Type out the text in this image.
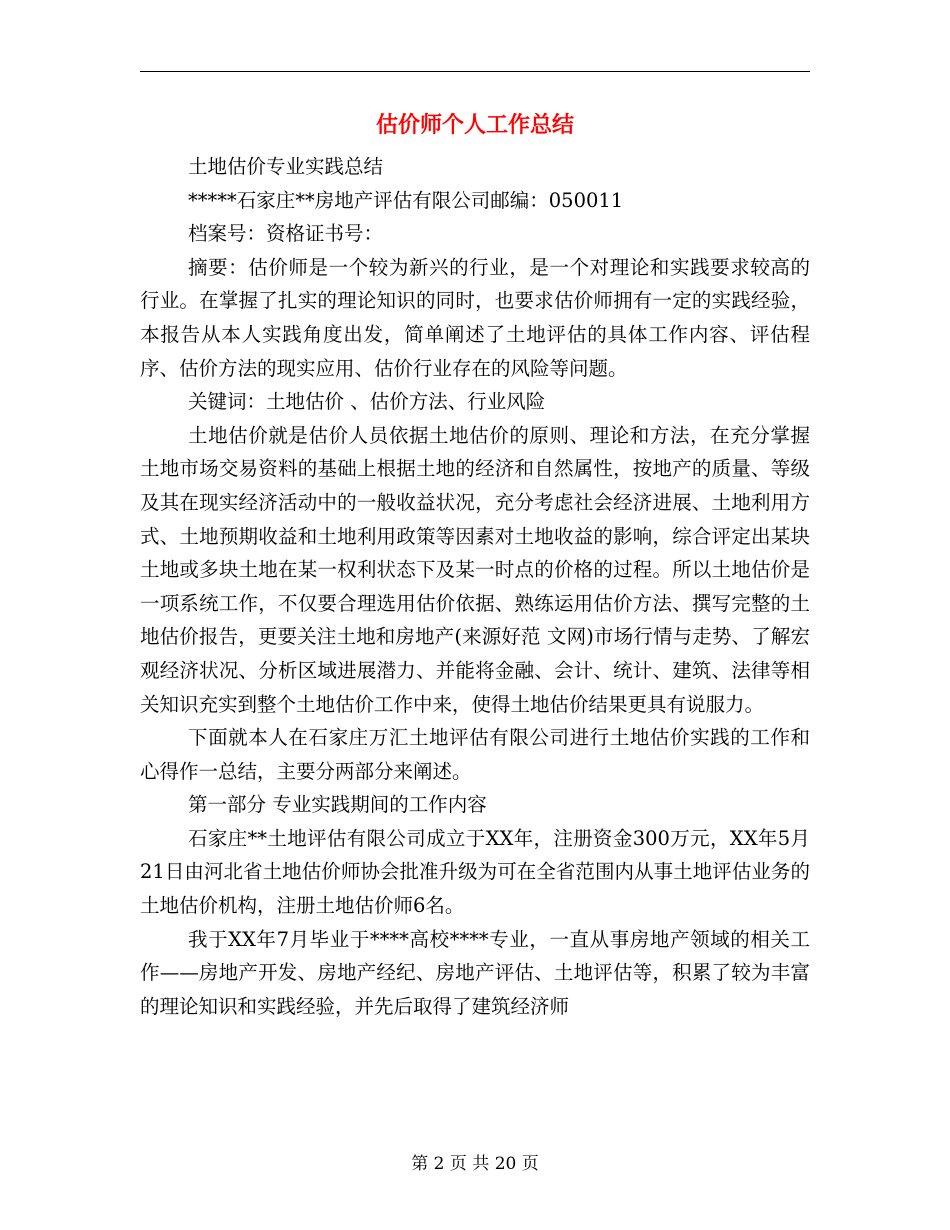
估价师个人工作总结

土地估价专业实践总结

*****石家庄**房地产评估有限公司邮编：050011

档案号：资格证书号：

摘要：估价师是一个较为新兴的行业，是一个对理论和实践要求较高的行业。在掌握了扎实的理论知识的同时，也要求估价师拥有一定的实践经验，本报告从本人实践角度出发，简单阐述了土地评估的具体工作内容、评估程序、估价方法的现实应用、估价行业存在的风险等问题。

关键词：土地估价 、估价方法、行业风险

土地估价就是估价人员依据土地估价的原则、理论和方法，在充分掌握土地市场交易资料的基础上根据土地的经济和自然属性，按地产的质量、等级及其在现实经济活动中的一般收益状况，充分考虑社会经济进展、土地利用方式、土地预期收益和土地利用政策等因素对土地收益的影响，综合评定出某块土地或多块土地在某一权利状态下及某一时点的价格的过程。所以土地估价是一项系统工作，不仅要合理选用估价依据、熟练运用估价方法、撰写完整的土地估价报告，更要关注土地和房地产(来源好范 文网)市场行情与走势、了解宏观经济状况、分析区域进展潜力、并能将金融、会计、统计、建筑、法律等相关知识充实到整个土地估价工作中来，使得土地估价结果更具有说服力。

下面就本人在石家庄万汇土地评估有限公司进行土地估价实践的工作和心得作一总结，主要分两部分来阐述。

第一部分 专业实践期间的工作内容

石家庄**土地评估有限公司成立于XX年，注册资金300万元，XX年5月21日由河北省土地估价师协会批准升级为可在全省范围内从事土地评估业务的土地估价机构，注册土地估价师6名。

我于XX年7月毕业于****高校****专业，一直从事房地产领域的相关工作——房地产开发、房地产经纪、房地产评估、土地评估等，积累了较为丰富的理论知识和实践经验，并先后取得了建筑经济师

第 2 页 共 20 页
